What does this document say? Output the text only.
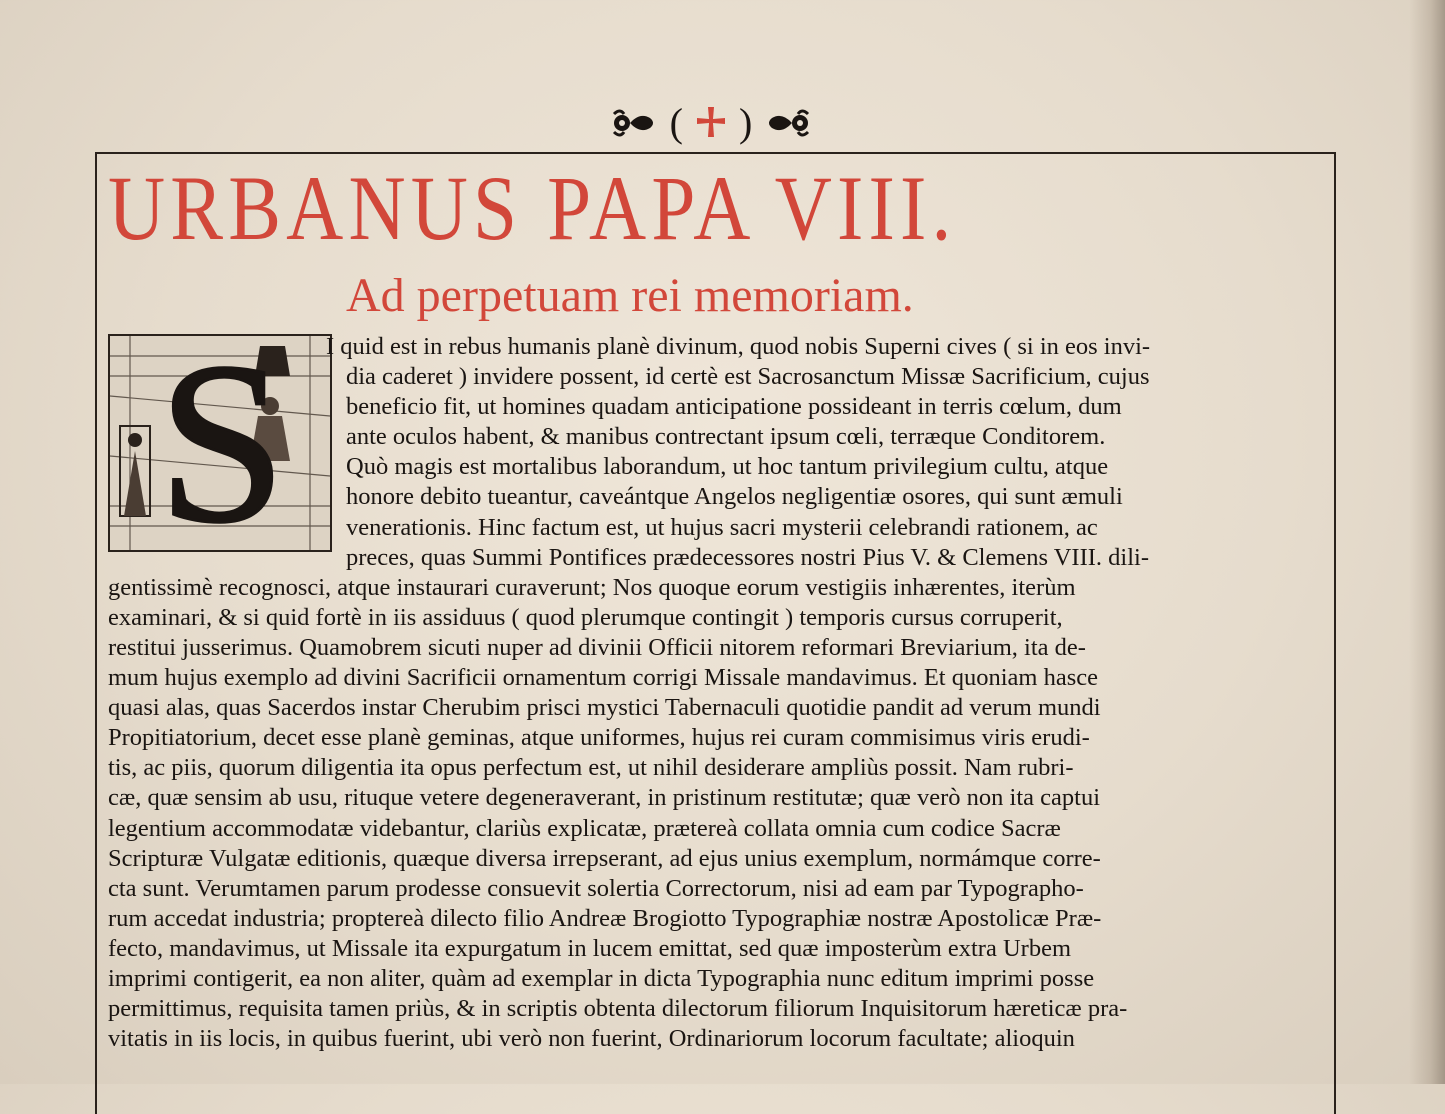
( )
URBANUS PAPA VIII.
Ad perpetuam rei memoriam.
S I quid est in rebus humanis planè divinum, quod nobis Superni cives ( si in eos invi-
dia caderet ) invidere possent, id certè est Sacrosanctum Missæ Sacrificium, cujus
beneficio fit, ut homines quadam anticipatione possideant in terris cœlum, dum
ante oculos habent, & manibus contrectant ipsum cœli, terræque Conditorem.
Quò magis est mortalibus laborandum, ut hoc tantum privilegium cultu, atque
honore debito tueantur, caveántque Angelos negligentiæ osores, qui sunt æmuli
venerationis. Hinc factum est, ut hujus sacri mysterii celebrandi rationem, ac
preces, quas Summi Pontifices prædecessores nostri Pius V. & Clemens VIII. dili-
gentissimè recognosci, atque instaurari curaverunt; Nos quoque eorum vestigiis inhærentes, iterùm
examinari, & si quid fortè in iis assiduus ( quod plerumque contingit ) temporis cursus corruperit,
restitui jusserimus. Quamobrem sicuti nuper ad divinii Officii nitorem reformari Breviarium, ita de-
mum hujus exemplo ad divini Sacrificii ornamentum corrigi Missale mandavimus. Et quoniam hasce
quasi alas, quas Sacerdos instar Cherubim prisci mystici Tabernaculi quotidie pandit ad verum mundi
Propitiatorium, decet esse planè geminas, atque uniformes, hujus rei curam commisimus viris erudi-
tis, ac piis, quorum diligentia ita opus perfectum est, ut nihil desiderare ampliùs possit. Nam rubri-
cæ, quæ sensim ab usu, rituque vetere degeneraverant, in pristinum restitutæ; quæ verò non ita captui
legentium accommodatæ videbantur, clariùs explicatæ, prætereà collata omnia cum codice Sacræ
Scripturæ Vulgatæ editionis, quæque diversa irrepserant, ad ejus unius exemplum, normámque corre-
cta sunt. Verumtamen parum prodesse consuevit solertia Correctorum, nisi ad eam par Typographo-
rum accedat industria; proptereà dilecto filio Andreæ Brogiotto Typographiæ nostræ Apostolicæ Præ-
fecto, mandavimus, ut Missale ita expurgatum in lucem emittat, sed quæ imposterùm extra Urbem
imprimi contigerit, ea non aliter, quàm ad exemplar in dicta Typographia nunc editum imprimi posse
permittimus, requisita tamen priùs, & in scriptis obtenta dilectorum filiorum Inquisitorum hæreticæ pra-
vitatis in iis locis, in quibus fuerint, ubi verò non fuerint, Ordinariorum locorum facultate; alioquin
